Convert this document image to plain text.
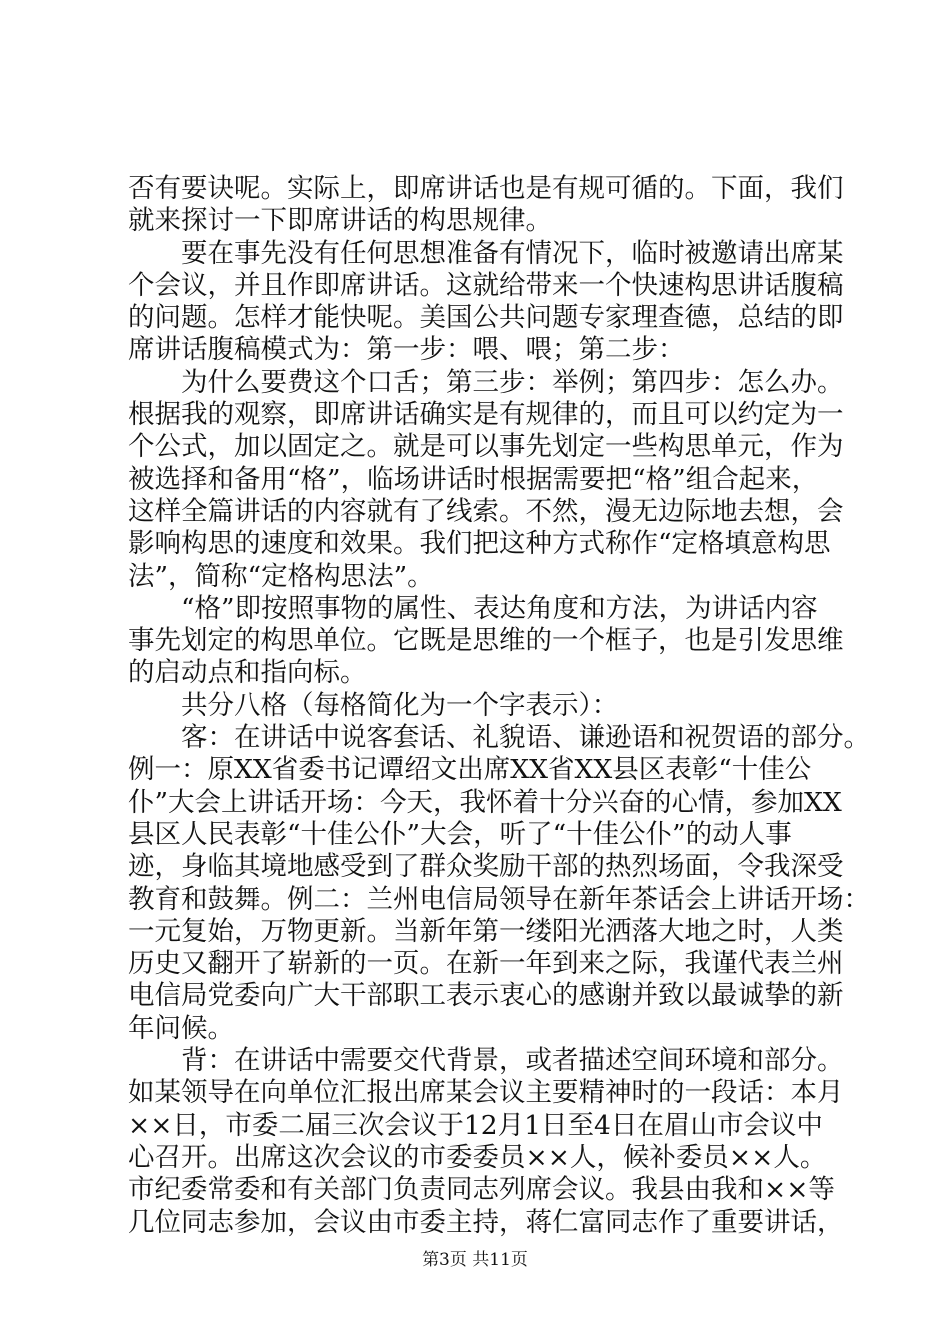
否有要诀呢。实际上，即席讲话也是有规可循的。下面，我们
就来探讨一下即席讲话的构思规律。
要在事先没有任何思想准备有情况下，临时被邀请出席某
个会议，并且作即席讲话。这就给带来一个快速构思讲话腹稿
的问题。怎样才能快呢。美国公共问题专家理查德，总结的即
席讲话腹稿模式为：第一步：喂、喂；第二步：
为什么要费这个口舌；第三步：举例；第四步：怎么办。
根据我的观察，即席讲话确实是有规律的，而且可以约定为一
个公式，加以固定之。就是可以事先划定一些构思单元，作为
被选择和备用“格”，临场讲话时根据需要把“格”组合起来，
这样全篇讲话的内容就有了线索。不然，漫无边际地去想，会
影响构思的速度和效果。我们把这种方式称作“定格填意构思
法”，简称“定格构思法”。
“格”即按照事物的属性、表达角度和方法，为讲话内容
事先划定的构思单位。它既是思维的一个框子，也是引发思维
的启动点和指向标。
共分八格（每格简化为一个字表示）：
客：在讲话中说客套话、礼貌语、谦逊语和祝贺语的部分。
例一：原XX省委书记谭绍文出席XX省XX县区表彰“十佳公
仆”大会上讲话开场：今天，我怀着十分兴奋的心情，参加XX
县区人民表彰“十佳公仆”大会，听了“十佳公仆”的动人事
迹，身临其境地感受到了群众奖励干部的热烈场面，令我深受
教育和鼓舞。例二：兰州电信局领导在新年茶话会上讲话开场：
一元复始，万物更新。当新年第一缕阳光洒落大地之时，人类
历史又翻开了崭新的一页。在新一年到来之际，我谨代表兰州
电信局党委向广大干部职工表示衷心的感谢并致以最诚挚的新
年问候。
背：在讲话中需要交代背景，或者描述空间环境和部分。
如某领导在向单位汇报出席某会议主要精神时的一段话：本月
××日，市委二届三次会议于12月1日至4日在眉山市会议中
心召开。出席这次会议的市委委员××人，候补委员××人。
市纪委常委和有关部门负责同志列席会议。我县由我和××等
几位同志参加，会议由市委主持，蒋仁富同志作了重要讲话，
第3页 共11页
